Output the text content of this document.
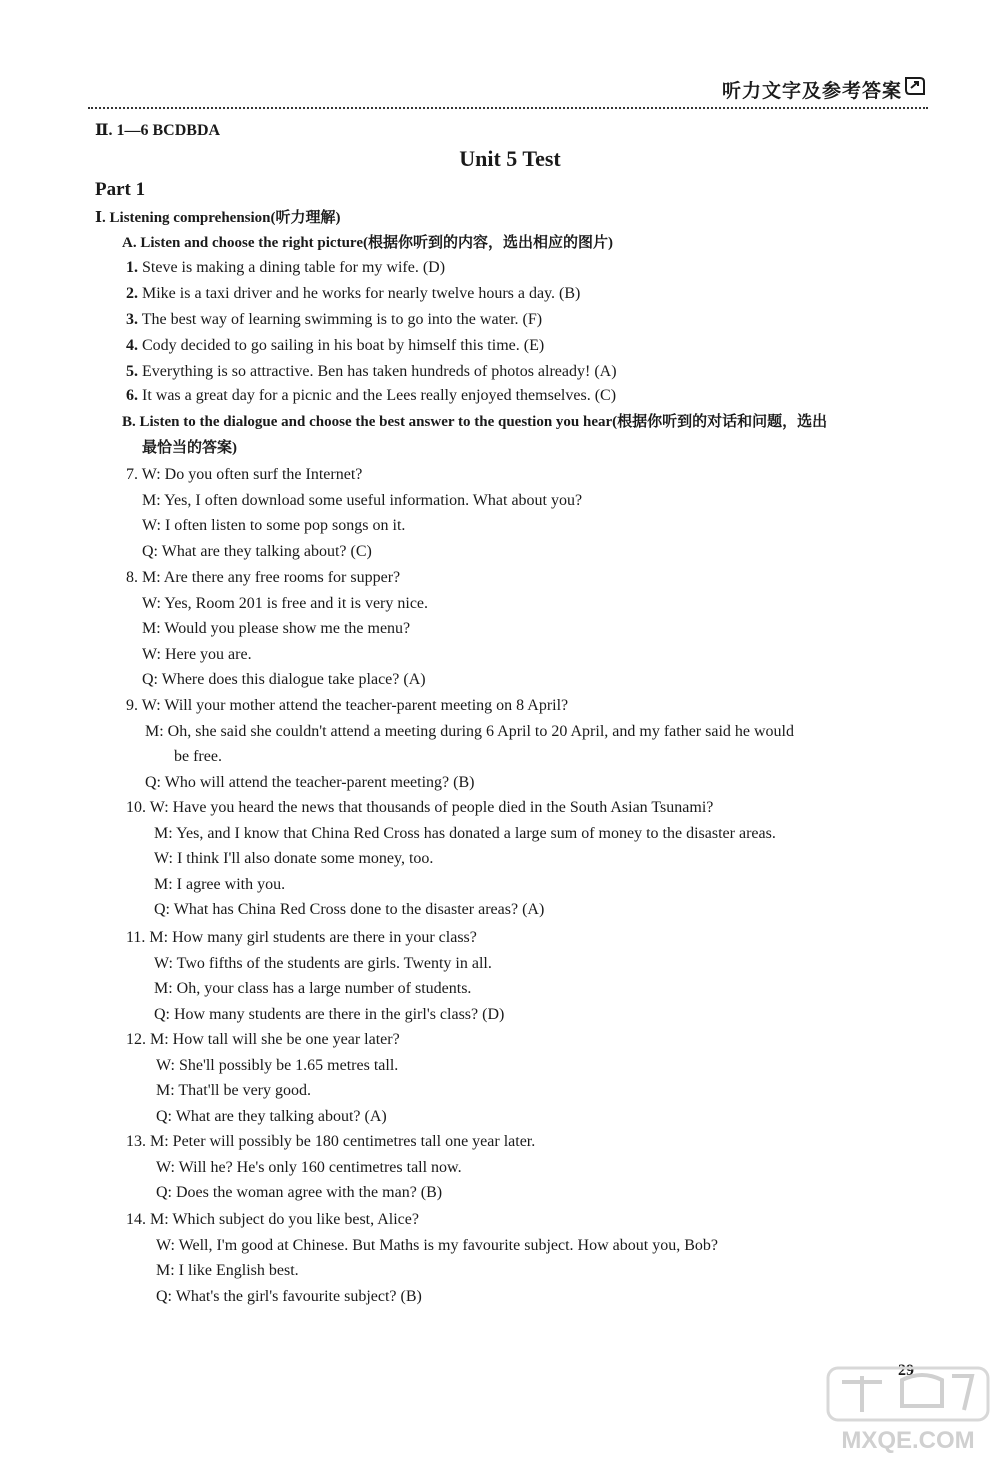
听力文字及参考答案
Ⅱ. 1—6 BCDBDA
Unit 5 Test
Part 1
Ⅰ. Listening comprehension(听力理解)
A. Listen and choose the right picture(根据你听到的内容，选出相应的图片)
1. Steve is making a dining table for my wife. (D)
2. Mike is a taxi driver and he works for nearly twelve hours a day. (B)
3. The best way of learning swimming is to go into the water. (F)
4. Cody decided to go sailing in his boat by himself this time. (E)
5. Everything is so attractive. Ben has taken hundreds of photos already! (A)
6. It was a great day for a picnic and the Lees really enjoyed themselves. (C)
B. Listen to the dialogue and choose the best answer to the question you hear(根据你听到的对话和问题，选出
最恰当的答案)
7. W: Do you often surf the Internet?
M: Yes, I often download some useful information. What about you?
W: I often listen to some pop songs on it.
Q: What are they talking about? (C)
8. M: Are there any free rooms for supper?
W: Yes, Room 201 is free and it is very nice.
M: Would you please show me the menu?
W: Here you are.
Q: Where does this dialogue take place? (A)
9. W: Will your mother attend the teacher-parent meeting on 8 April?
M: Oh, she said she couldn't attend a meeting during 6 April to 20 April, and my father said he would
be free.
Q: Who will attend the teacher-parent meeting? (B)
10. W: Have you heard the news that thousands of people died in the South Asian Tsunami?
M: Yes, and I know that China Red Cross has donated a large sum of money to the disaster areas.
W: I think I'll also donate some money, too.
M: I agree with you.
Q: What has China Red Cross done to the disaster areas? (A)
11. M: How many girl students are there in your class?
W: Two fifths of the students are girls. Twenty in all.
M: Oh, your class has a large number of students.
Q: How many students are there in the girl's class? (D)
12. M: How tall will she be one year later?
W: She'll possibly be 1.65 metres tall.
M: That'll be very good.
Q: What are they talking about? (A)
13. M: Peter will possibly be 180 centimetres tall one year later.
W: Will he? He's only 160 centimetres tall now.
Q: Does the woman agree with the man? (B)
14. M: Which subject do you like best, Alice?
W: Well, I'm good at Chinese. But Maths is my favourite subject. How about you, Bob?
M: I like English best.
Q: What's the girl's favourite subject? (B)
29
MXQE.COM
